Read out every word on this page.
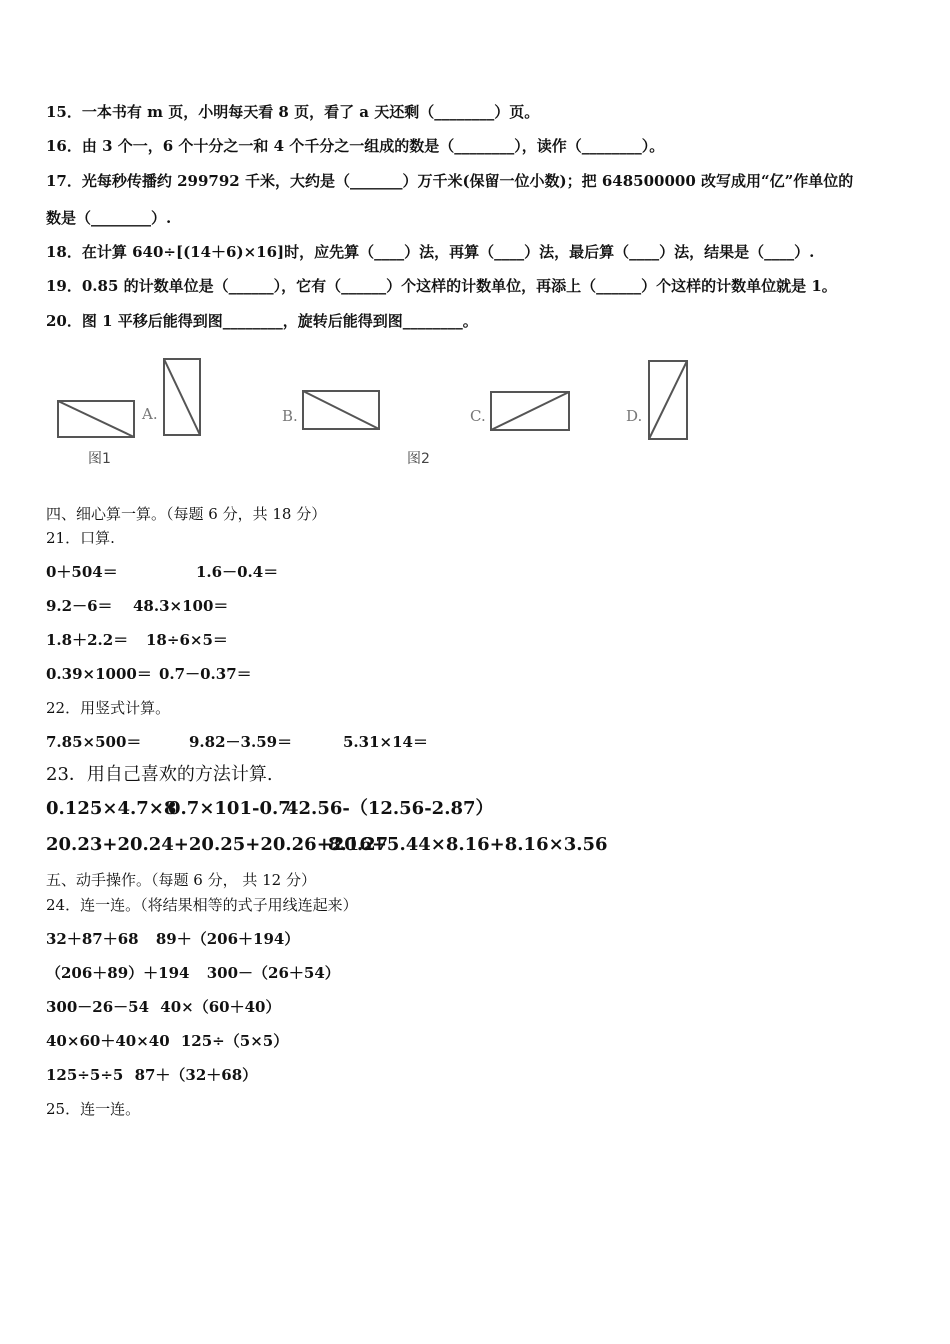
15．一本书有 m 页，小明每天看 8 页，看了 a 天还剩（________）页。
16．由 3 个一，6 个十分之一和 4 个千分之一组成的数是（________），读作（________）。
17．光每秒传播约 299792 千米，大约是（_______）万千米(保留一位小数)；把 648500000 改写成用“亿”作单位的
数是（________）.
18．在计算 640÷[(14＋6)×16]时，应先算（____）法，再算（____）法，最后算（____）法，结果是（____）.
19．0.85 的计数单位是（______），它有（______）个这样的计数单位，再添上（______）个这样的计数单位就是 1。
20．图 1 平移后能得到图________，旋转后能得到图________。
图1
A.	B.
图2
C.	D.
四、细心算一算。（每题 6 分，共 18 分）
21．口算.
0＋504＝	1.6－0.4＝
9.2－6＝ 48.3×100＝
1.8＋2.2＝ 18÷6×5＝
0.39×1000＝ 0.7－0.37＝
22．用竖式计算。
7.85×500＝	9.82－3.59＝	5.31×14＝
23．用自己喜欢的方法计算.
0.125×4.7×8
0.7×101-0.7
42.56-（12.56-2.87）
20.23+20.24+20.25+20.26+20.27
8.16+5.44×8.16+8.16×3.56
五、动手操作。（每题 6 分， 共 12 分）
24．连一连。（将结果相等的式子用线连起来）
32＋87＋68 89＋（206＋194）
（206＋89）＋194 300－（26＋54）
300－26－54 40×（60＋40）
40×60＋40×40 125÷（5×5）
125÷5÷5 87＋（32＋68）
25．连一连。
